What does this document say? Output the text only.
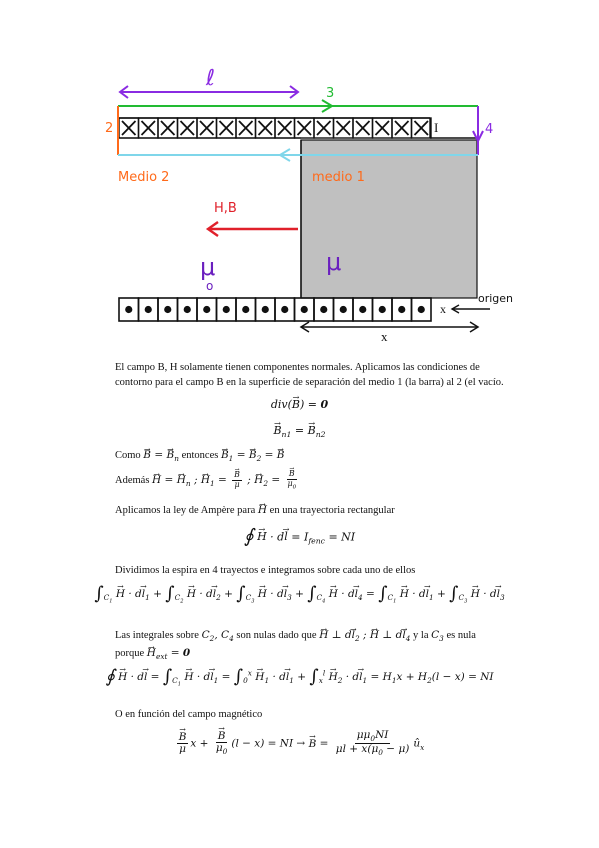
ℓ
3
2	4
I
Medio 2	medio 1
H,B
μ
o
μ
x
origen
x

El campo B, H solamente tienen componentes normales. Aplicamos las condiciones de contorno para el campo B en la superficie de separación del medio 1 (la barra) al 2 (el vacío.

div(→ B) = 0
→ $B_{n1}$ = → $B_{n2}$

Como → B = → $B_n$ entonces → $B_1$ = → $B_2$ = → B

Además → H = → $H_n$ ; → $H_1$ = → $\frac{B}{\mu}$ ; → $H_2$ = → $\frac{B}{\mu_0}$

Aplicamos la ley de Ampère para → H en una trayectoria rectangular

∮ → $H \cdot d\to l = I_{fenc}$ = NI

Dividimos la espira en 4 trayectos e integramos sobre cada uno de ellos

$\int_{C_1} \to H \cdot d\to l_1 + \int_{C_2} \to H \cdot d\to l_2 + \int_{C_3} \to H \cdot d\to l_3 + \int_{C_4} \to H \cdot d\to l_4 = \int_{C_1} \to H \cdot d\to l_1 + \int_{C_3} \to H \cdot d\to l_3$

Las integrales sobre $C_2$, $C_4$ son nulas dado que → H ⊥ $d\to l_2$ ; → H ⊥ $d\to l_4$ y la $C_3$ es nula porque → $H_{ext} = 0$

∮ → $H \cdot d\to l = \int_{C_1} \to H \cdot d\to l_1 = \int_0^x \to H_1 \cdot d\to l_1 + \int_x^l \to H_2 \cdot d\to l_1 = H_1x + H_2(l - x)$ = NI

O en función del campo magnético

→ $\frac{B}{\mu}$ x + → $\frac{B}{\mu_0} (l - x)$ = NI → → $B = \frac{\mu\mu_0NI}{\mu l + x(\mu_0 - \mu)}$ $û_x$
